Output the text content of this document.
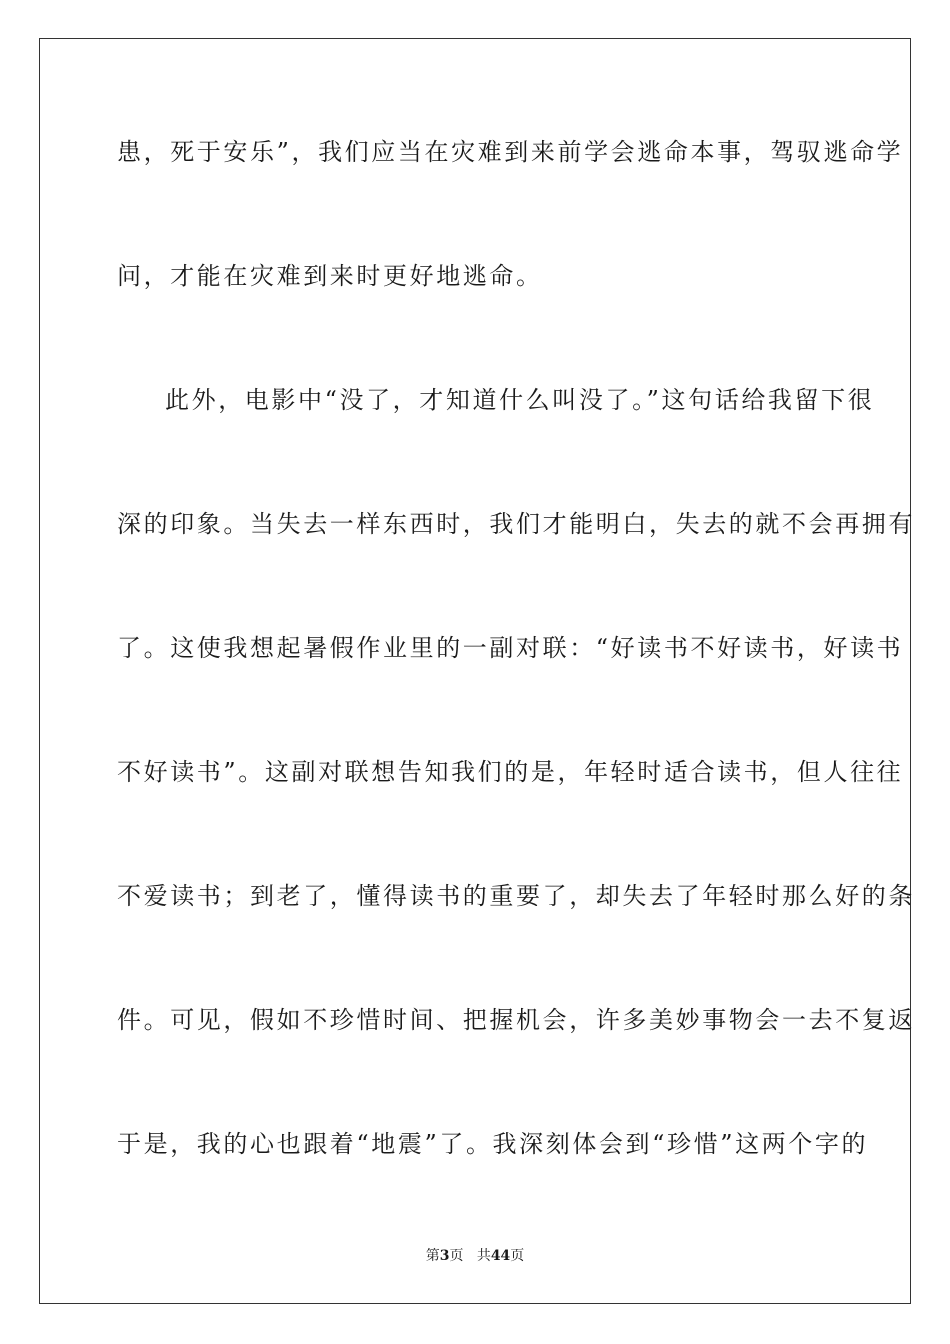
患，死于安乐”，我们应当在灾难到来前学会逃命本事，驾驭逃命学

问，才能在灾难到来时更好地逃命。

此外，电影中“没了，才知道什么叫没了。”这句话给我留下很

深的印象。当失去一样东西时，我们才能明白，失去的就不会再拥有

了。这使我想起暑假作业里的一副对联：“好读书不好读书，好读书

不好读书”。这副对联想告知我们的是，年轻时适合读书，但人往往

不爱读书；到老了，懂得读书的重要了，却失去了年轻时那么好的条

件。可见，假如不珍惜时间、把握机会，许多美妙事物会一去不复返

于是，我的心也跟着“地震”了。我深刻体会到“珍惜”这两个字的

第3页 共44页
